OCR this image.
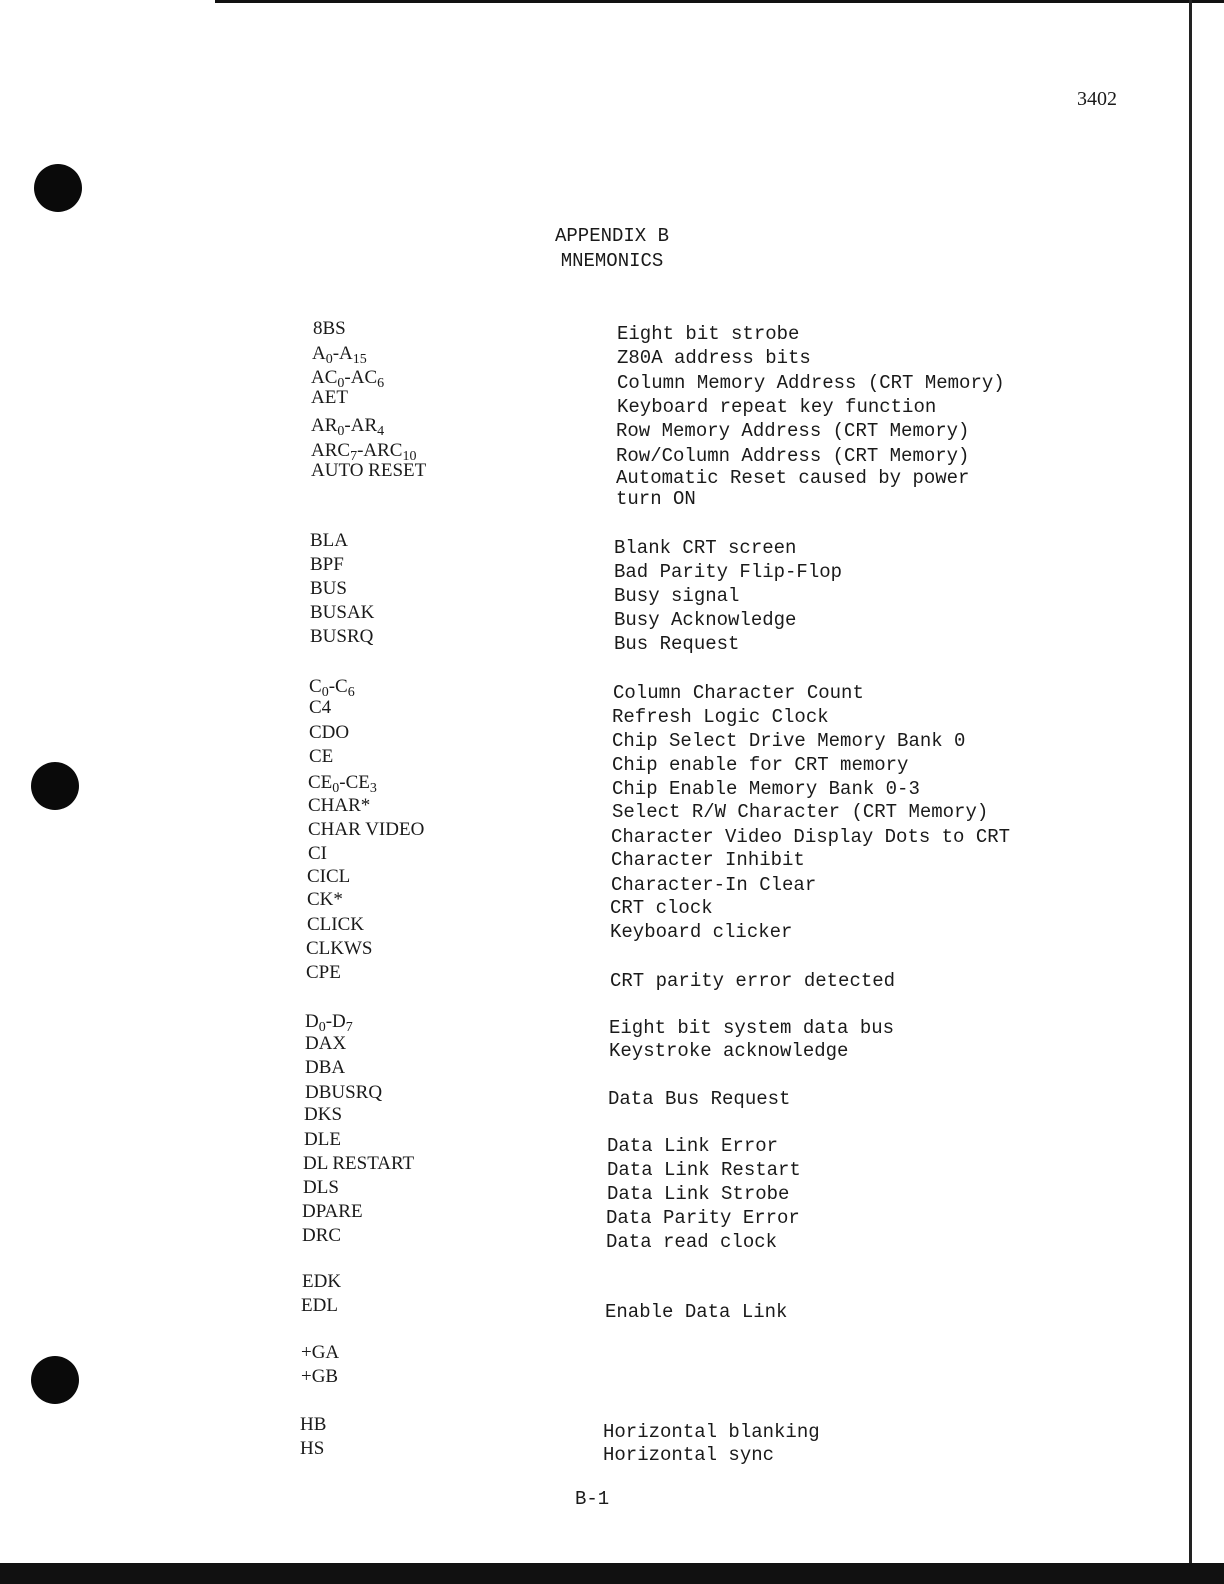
3402
APPENDIX B
MNEMONICS
8BS	Eight bit strobe
$A_0-A_{15}$	Z80A address bits
$AC_0-AC_6$	Column Memory Address (CRT Memory)
AET	Keyboard repeat key function
$AR_0-AR_4$	Row Memory Address (CRT Memory)
$ARC_7-ARC_{10}$	Row/Column Address (CRT Memory)
AUTO RESET	Automatic Reset caused by power
turn ON
BLA	Blank CRT screen
BPF	Bad Parity Flip-Flop
BUS	Busy signal
BUSAK	Busy Acknowledge
BUSRQ	Bus Request
$C_0-C_6$	Column Character Count
C4	Refresh Logic Clock
CDO	Chip Select Drive Memory Bank 0
CE	Chip enable for CRT memory
$CE_0-CE_3$	Chip Enable Memory Bank 0-3
CHAR*	Select R/W Character (CRT Memory)
CHAR VIDEO	Character Video Display Dots to CRT
CI	Character Inhibit
CICL	Character-In Clear
CK*	CRT clock
CLICK	Keyboard clicker
CLKWS
CPE	CRT parity error detected
$D_0-D_7$	Eight bit system data bus
DAX	Keystroke acknowledge
DBA
DBUSRQ	Data Bus Request
DKS
DLE	Data Link Error
DL RESTART	Data Link Restart
DLS	Data Link Strobe
DPARE	Data Parity Error
DRC	Data read clock
EDK
EDL	Enable Data Link
+GA
+GB
HB	Horizontal blanking
HS	Horizontal sync
B-1
